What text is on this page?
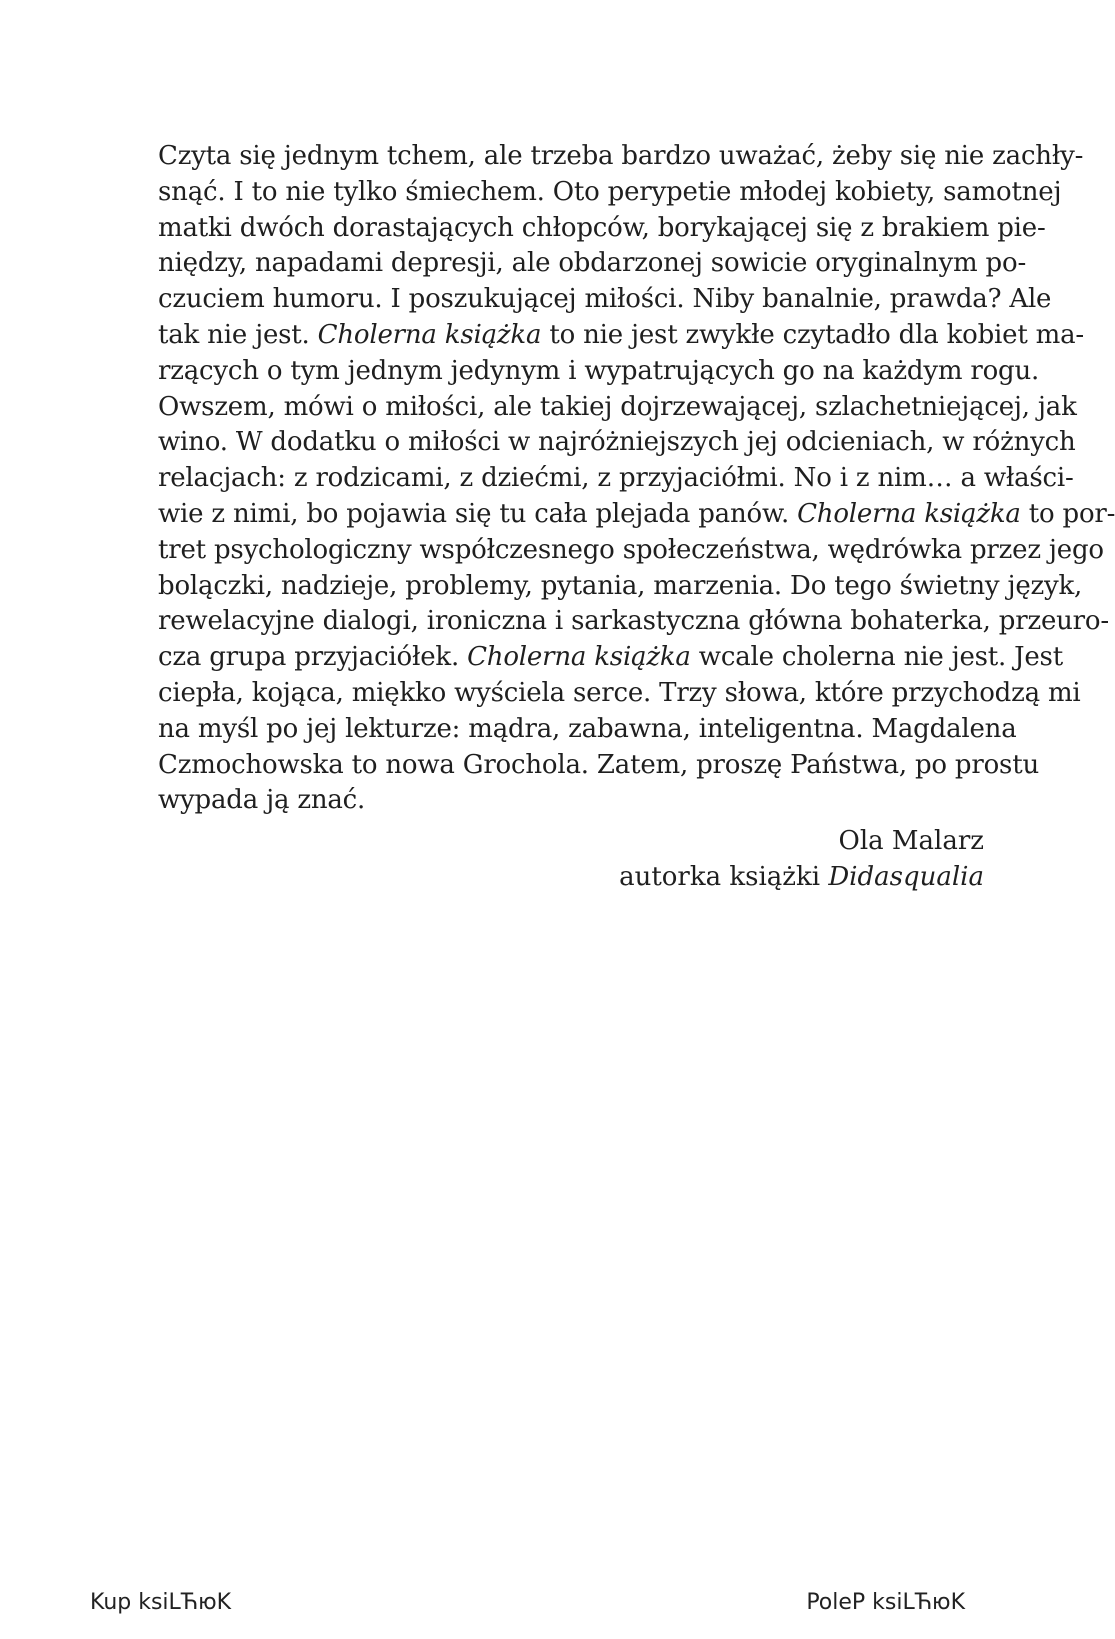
Czyta się jednym tchem, ale trzeba bardzo uważać, żeby się nie zachły-
snąć. I to nie tylko śmiechem. Oto perypetie młodej kobiety, samotnej
matki dwóch dorastających chłopców, borykającej się z brakiem pie-
niędzy, napadami depresji, ale obdarzonej sowicie oryginalnym po-
czuciem humoru. I poszukującej miłości. Niby banalnie, prawda? Ale
tak nie jest. Cholerna książka to nie jest zwykłe czytadło dla kobiet ma-
rzących o tym jednym jedynym i wypatrujących go na każdym rogu.
Owszem, mówi o miłości, ale takiej dojrzewającej, szlachetniejącej, jak
wino. W dodatku o miłości w najróżniejszych jej odcieniach, w różnych
relacjach: z rodzicami, z dziećmi, z przyjaciółmi. No i z nim… a właści-
wie z nimi, bo pojawia się tu cała plejada panów. Cholerna książka to por-
tret psychologiczny współczesnego społeczeństwa, wędrówka przez jego
bolączki, nadzieje, problemy, pytania, marzenia. Do tego świetny język,
rewelacyjne dialogi, ironiczna i sarkastyczna główna bohaterka, przeuro-
cza grupa przyjaciółek. Cholerna książka wcale cholerna nie jest. Jest
ciepła, kojąca, miękko wyściela serce. Trzy słowa, które przychodzą mi
na myśl po jej lekturze: mądra, zabawna, inteligentna. Magdalena
Czmochowska to nowa Grochola. Zatem, proszę Państwa, po prostu
wypada ją znać.
Ola Malarz
autorka książki Didasqualia
Kup ksiLЋюK	PoleP ksiLЋюK
